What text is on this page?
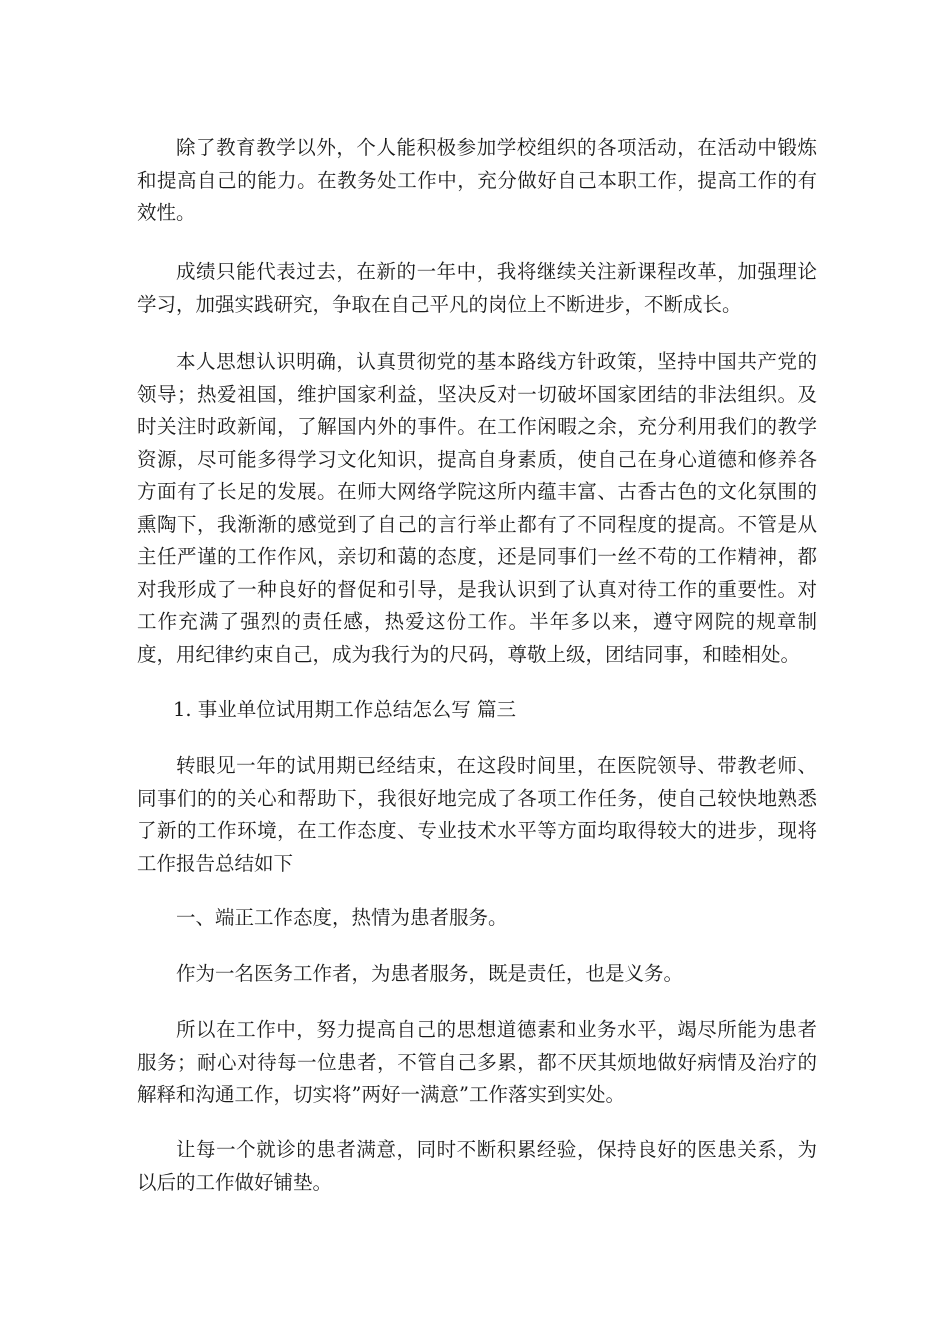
除了教育教学以外，个人能积极参加学校组织的各项活动，在活动中锻炼和提高自己的能力。在教务处工作中，充分做好自己本职工作，提高工作的有效性。

成绩只能代表过去，在新的一年中，我将继续关注新课程改革，加强理论学习，加强实践研究，争取在自己平凡的岗位上不断进步，不断成长。

本人思想认识明确，认真贯彻党的基本路线方针政策，坚持中国共产党的领导；热爱祖国，维护国家利益，坚决反对一切破坏国家团结的非法组织。及时关注时政新闻，了解国内外的事件。在工作闲暇之余，充分利用我们的教学资源，尽可能多得学习文化知识，提高自身素质，使自己在身心道德和修养各方面有了长足的发展。在师大网络学院这所内蕴丰富、古香古色的文化氛围的熏陶下，我渐渐的感觉到了自己的言行举止都有了不同程度的提高。不管是从主任严谨的工作作风，亲切和蔼的态度，还是同事们一丝不苟的工作精神，都对我形成了一种良好的督促和引导，是我认识到了认真对待工作的重要性。对工作充满了强烈的责任感，热爱这份工作。半年多以来，遵守网院的规章制度，用纪律约束自己，成为我行为的尺码，尊敬上级，团结同事，和睦相处。

1. 事业单位试用期工作总结怎么写 篇三

转眼见一年的试用期已经结束，在这段时间里，在医院领导、带教老师、同事们的的关心和帮助下，我很好地完成了各项工作任务，使自己较快地熟悉了新的工作环境，在工作态度、专业技术水平等方面均取得较大的进步，现将工作报告总结如下

一、端正工作态度，热情为患者服务。

作为一名医务工作者，为患者服务，既是责任，也是义务。

所以在工作中，努力提高自己的思想道德素和业务水平，竭尽所能为患者服务；耐心对待每一位患者，不管自己多累，都不厌其烦地做好病情及治疗的解释和沟通工作，切实将”两好一满意”工作落实到实处。

让每一个就诊的患者满意，同时不断积累经验，保持良好的医患关系，为以后的工作做好铺垫。
